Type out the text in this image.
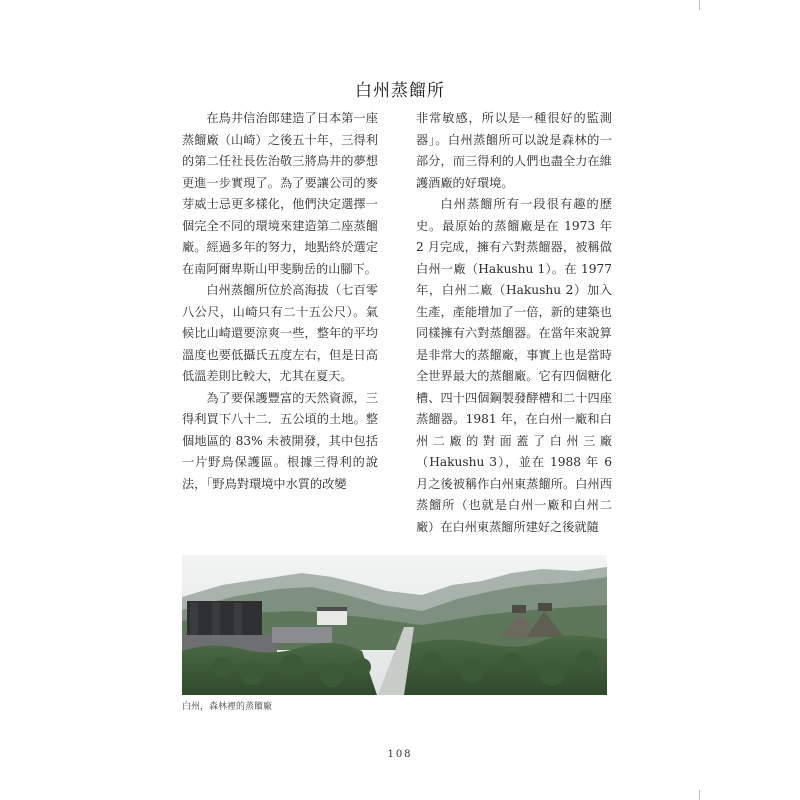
白州蒸餾所

在鳥井信治郎建造了日本第一座蒸餾廠（山崎）之後五十年，三得利的第二任社長佐治敬三將鳥井的夢想更進一步實現了。為了要讓公司的麥芽威士忌更多樣化，他們決定選擇一個完全不同的環境來建造第二座蒸餾廠。經過多年的努力，地點終於選定在南阿爾卑斯山甲斐駒岳的山腳下。

白州蒸餾所位於高海拔（七百零八公尺，山崎只有二十五公尺）。氣候比山崎還要涼爽一些，整年的平均溫度也要低攝氏五度左右，但是日高低溫差則比較大，尤其在夏天。

為了要保護豐富的天然資源，三得利買下八十二．五公頃的土地。整個地區的 83% 未被開發，其中包括一片野鳥保護區。根據三得利的說法，「野鳥對環境中水質的改變

非常敏感，所以是一種很好的監測器」。白州蒸餾所可以說是森林的一部分，而三得利的人們也盡全力在維護酒廠的好環境。

白州蒸餾所有一段很有趣的歷史。最原始的蒸餾廠是在 1973 年 2 月完成，擁有六對蒸餾器，被稱做白州一廠（Hakushu 1）。在 1977 年，白州二廠（Hakushu 2）加入生產，產能增加了一倍，新的建築也同樣擁有六對蒸餾器。在當年來說算是非常大的蒸餾廠，事實上也是當時全世界最大的蒸餾廠。它有四個糖化槽、四十四個鋼製發酵槽和二十四座蒸餾器。1981 年，在白州一廠和白州二廠的對面蓋了白州三廠（Hakushu 3），並在 1988 年 6 月之後被稱作白州東蒸餾所。白州西蒸餾所（也就是白州一廠和白州二廠）在白州東蒸餾所建好之後就隨

白州，森林裡的蒸餾廠
108
